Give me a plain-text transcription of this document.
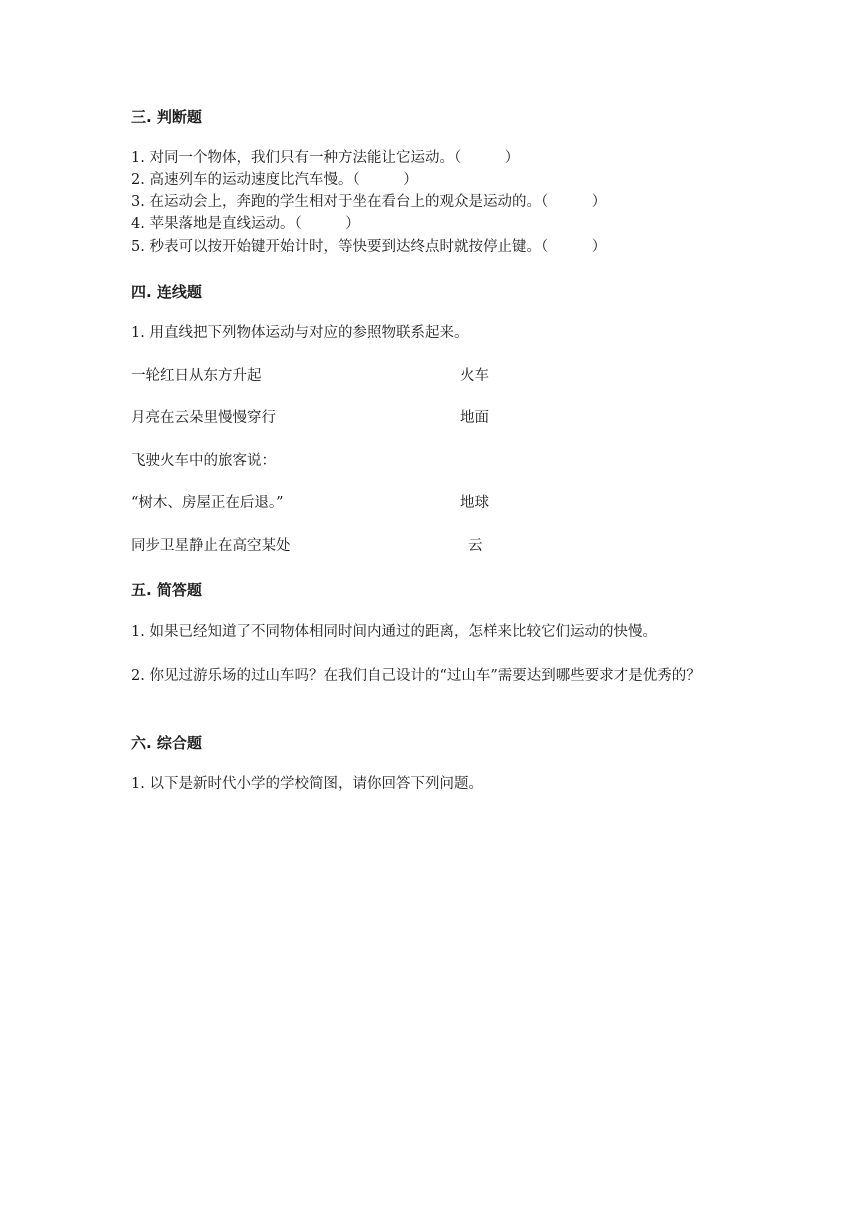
三. 判断题
1. 对同一个物体，我们只有一种方法能让它运动。（　　　）
2. 高速列车的运动速度比汽车慢。（　　　）
3. 在运动会上，奔跑的学生相对于坐在看台上的观众是运动的。（　　　）
4. 苹果落地是直线运动。（　　　）
5. 秒表可以按开始键开始计时，等快要到达终点时就按停止键。（　　　）
四. 连线题
1. 用直线把下列物体运动与对应的参照物联系起来。
一轮红日从东方升起	火车
月亮在云朵里慢慢穿行	地面
飞驶火车中的旅客说：
“树木、房屋正在后退。”	地球
同步卫星静止在高空某处	云
五. 简答题
1. 如果已经知道了不同物体相同时间内通过的距离，怎样来比较它们运动的快慢。
2. 你见过游乐场的过山车吗？在我们自己设计的“过山车”需要达到哪些要求才是优秀的？
六. 综合题
1. 以下是新时代小学的学校简图，请你回答下列问题。
